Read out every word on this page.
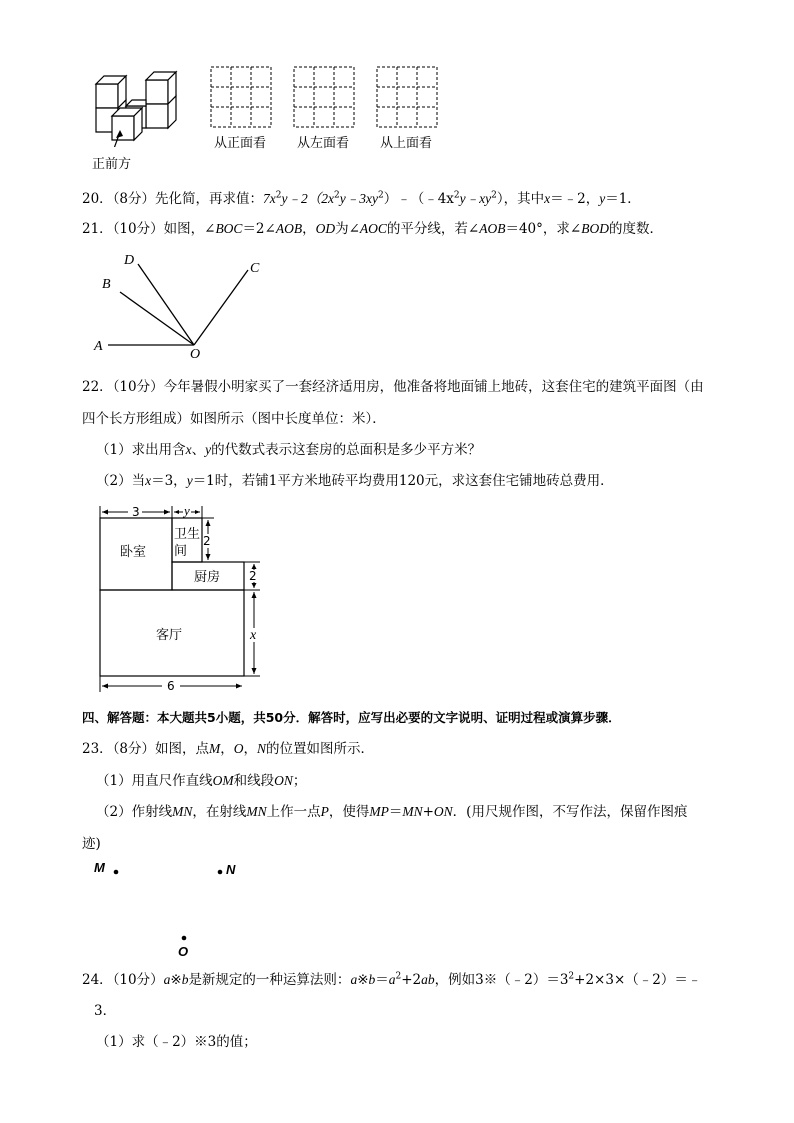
正前方
从正面看 从左面看 从上面看
20．（8分）先化简，再求值：$7x^2y﹣2(2x^2y﹣3xy^2)﹣(﹣4x^2y﹣xy^2)$，其中x＝﹣2，y＝1．
21．（10分）如图，∠BOC＝2∠AOB，OD为∠AOC的平分线，若∠AOB＝40°，求∠BOD的度数．
A
B
D
C
O
22．（10分）今年暑假小明家买了一套经济适用房，他准备将地面铺上地砖，这套住宅的建筑平面图（由
四个长方形组成）如图所示（图中长度单位：米）．
（1）求出用含x、y的代数式表示这套房的总面积是多少平方米？
（2）当x＝3，y＝1时，若铺1平方米地砖平均费用120元，求这套住宅铺地砖总费用．
3	y
2
2
x
6
卧室
卫生
间
厨房
客厅
四、解答题：本大题共5小题，共50分．解答时，应写出必要的文字说明、证明过程或演算步骤．
23．（8分）如图，点M，O，N的位置如图所示．
（1）用直尺作直线OM和线段ON；
（2）作射线MN，在射线MN上作一点P，使得MP＝MN+ON．(用尺规作图，不写作法，保留作图痕
迹)
M	N
O
24．（10分）a※b是新规定的一种运算法则：$a※b=a^2+2ab$，例如$3※(﹣2)=3^2+2\times 3\times(﹣2)=﹣$
3．
（1）求（﹣2）※3的值；
